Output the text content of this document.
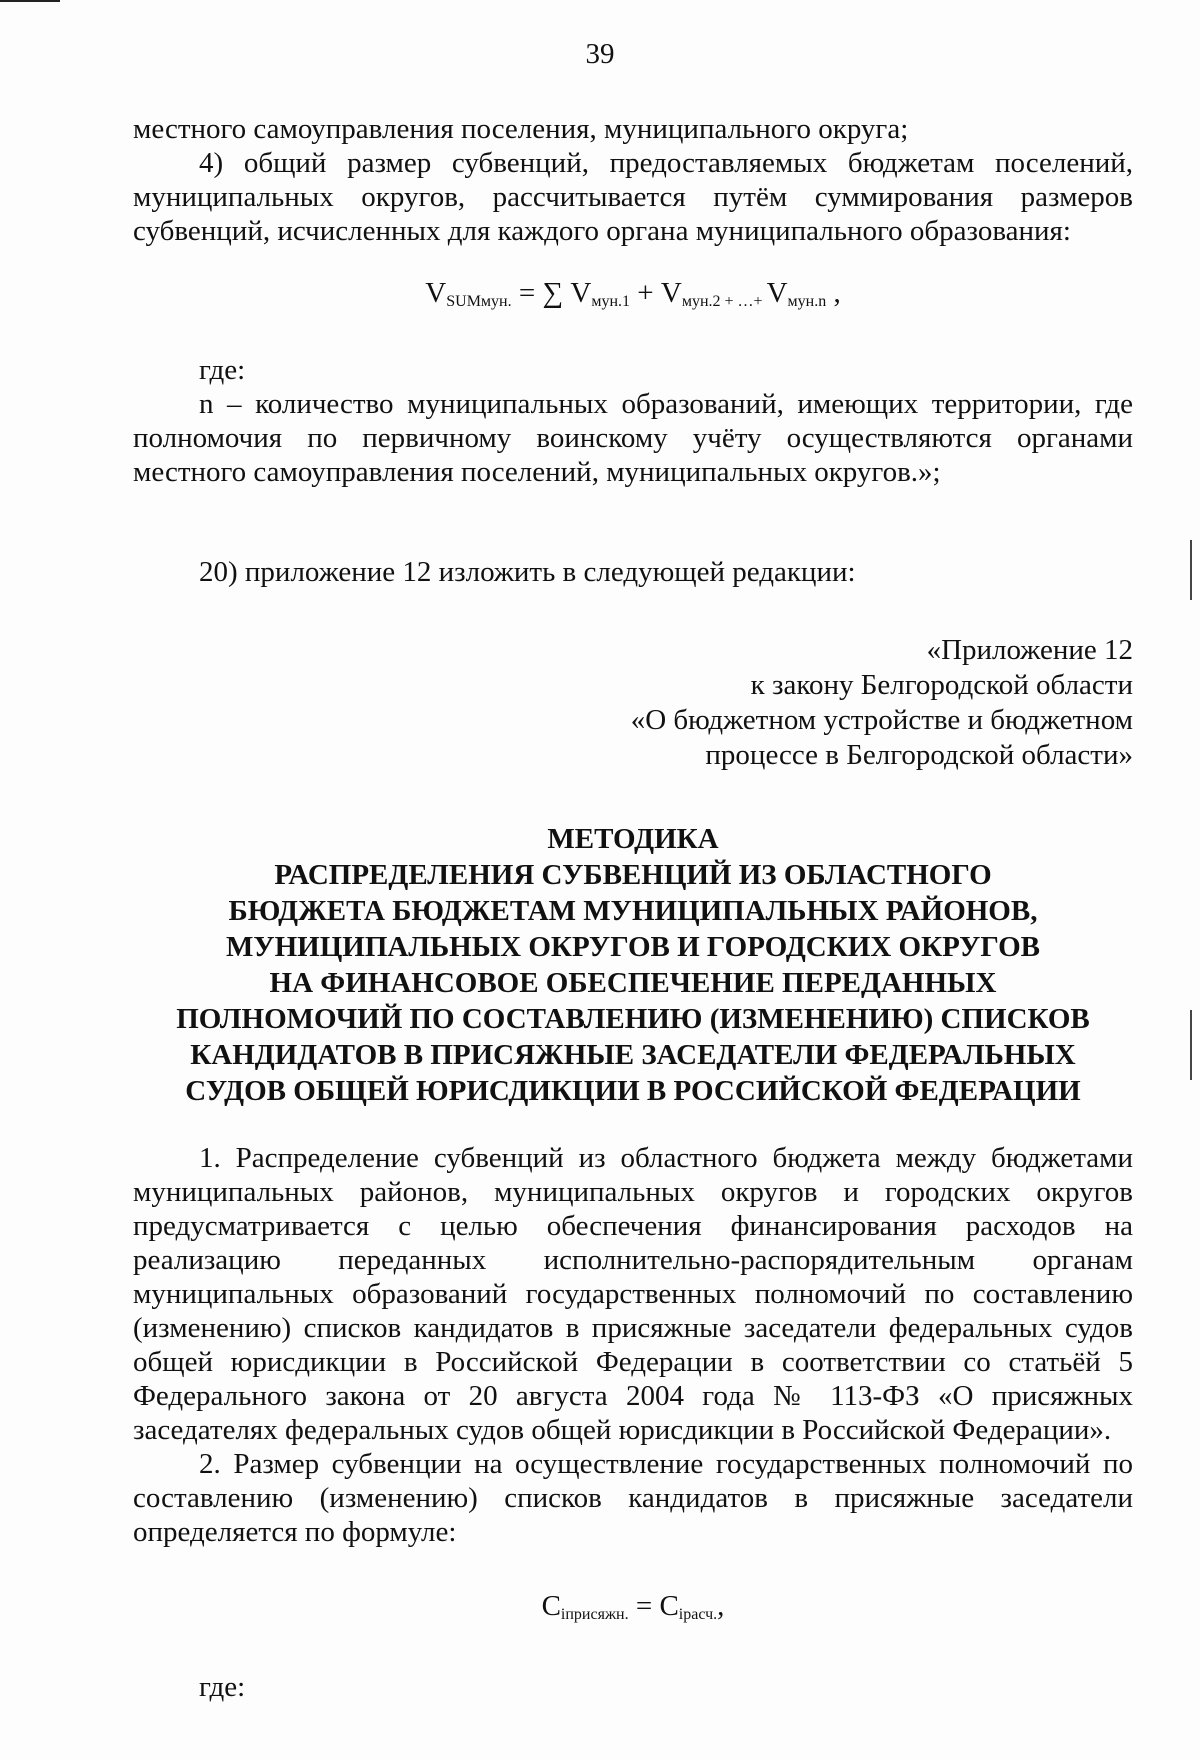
39

местного самоуправления поселения, муниципального округа;

4) общий размер субвенций, предоставляемых бюджетам поселений, муниципальных округов, рассчитывается путём суммирования размеров субвенций, исчисленных для каждого органа муниципального образования:

$V_{SUMмун.}$ = ∑ $V_{мун.1} + V_{мун.2 + \dots+}$ $V_{мун.n}$ ,

где:

n – количество муниципальных образований, имеющих территории, где полномочия по первичному воинскому учёту осуществляются органами местного самоуправления поселений, муниципальных округов.»;

20) приложение 12 изложить в следующей редакции:

«Приложение 12

к закону Белгородской области

«О бюджетном устройстве и бюджетном

процессе в Белгородской области»

МЕТОДИКА

РАСПРЕДЕЛЕНИЯ СУБВЕНЦИЙ ИЗ ОБЛАСТНОГО

БЮДЖЕТА БЮДЖЕТАМ МУНИЦИПАЛЬНЫХ РАЙОНОВ,

МУНИЦИПАЛЬНЫХ ОКРУГОВ И ГОРОДСКИХ ОКРУГОВ

НА ФИНАНСОВОЕ ОБЕСПЕЧЕНИЕ ПЕРЕДАННЫХ

ПОЛНОМОЧИЙ ПО СОСТАВЛЕНИЮ (ИЗМЕНЕНИЮ) СПИСКОВ

КАНДИДАТОВ В ПРИСЯЖНЫЕ ЗАСЕДАТЕЛИ ФЕДЕРАЛЬНЫХ

СУДОВ ОБЩЕЙ ЮРИСДИКЦИИ В РОССИЙСКОЙ ФЕДЕРАЦИИ

1. Распределение субвенций из областного бюджета между бюджетами муниципальных районов, муниципальных округов и городских округов предусматривается с целью обеспечения финансирования расходов на реализацию переданных исполнительно-распорядительным органам муниципальных образований государственных полномочий по составлению (изменению) списков кандидатов в присяжные заседатели федеральных судов общей юрисдикции в Российской Федерации в соответствии со статьёй 5 Федерального закона от 20 августа 2004 года № 113-ФЗ «О присяжных заседателях федеральных судов общей юрисдикции в Российской Федерации».

2. Размер субвенции на осуществление государственных полномочий по составлению (изменению) списков кандидатов в присяжные заседатели определяется по формуле:

$C_{iприсяжн.} = C_{iрасч.}$,

где:
